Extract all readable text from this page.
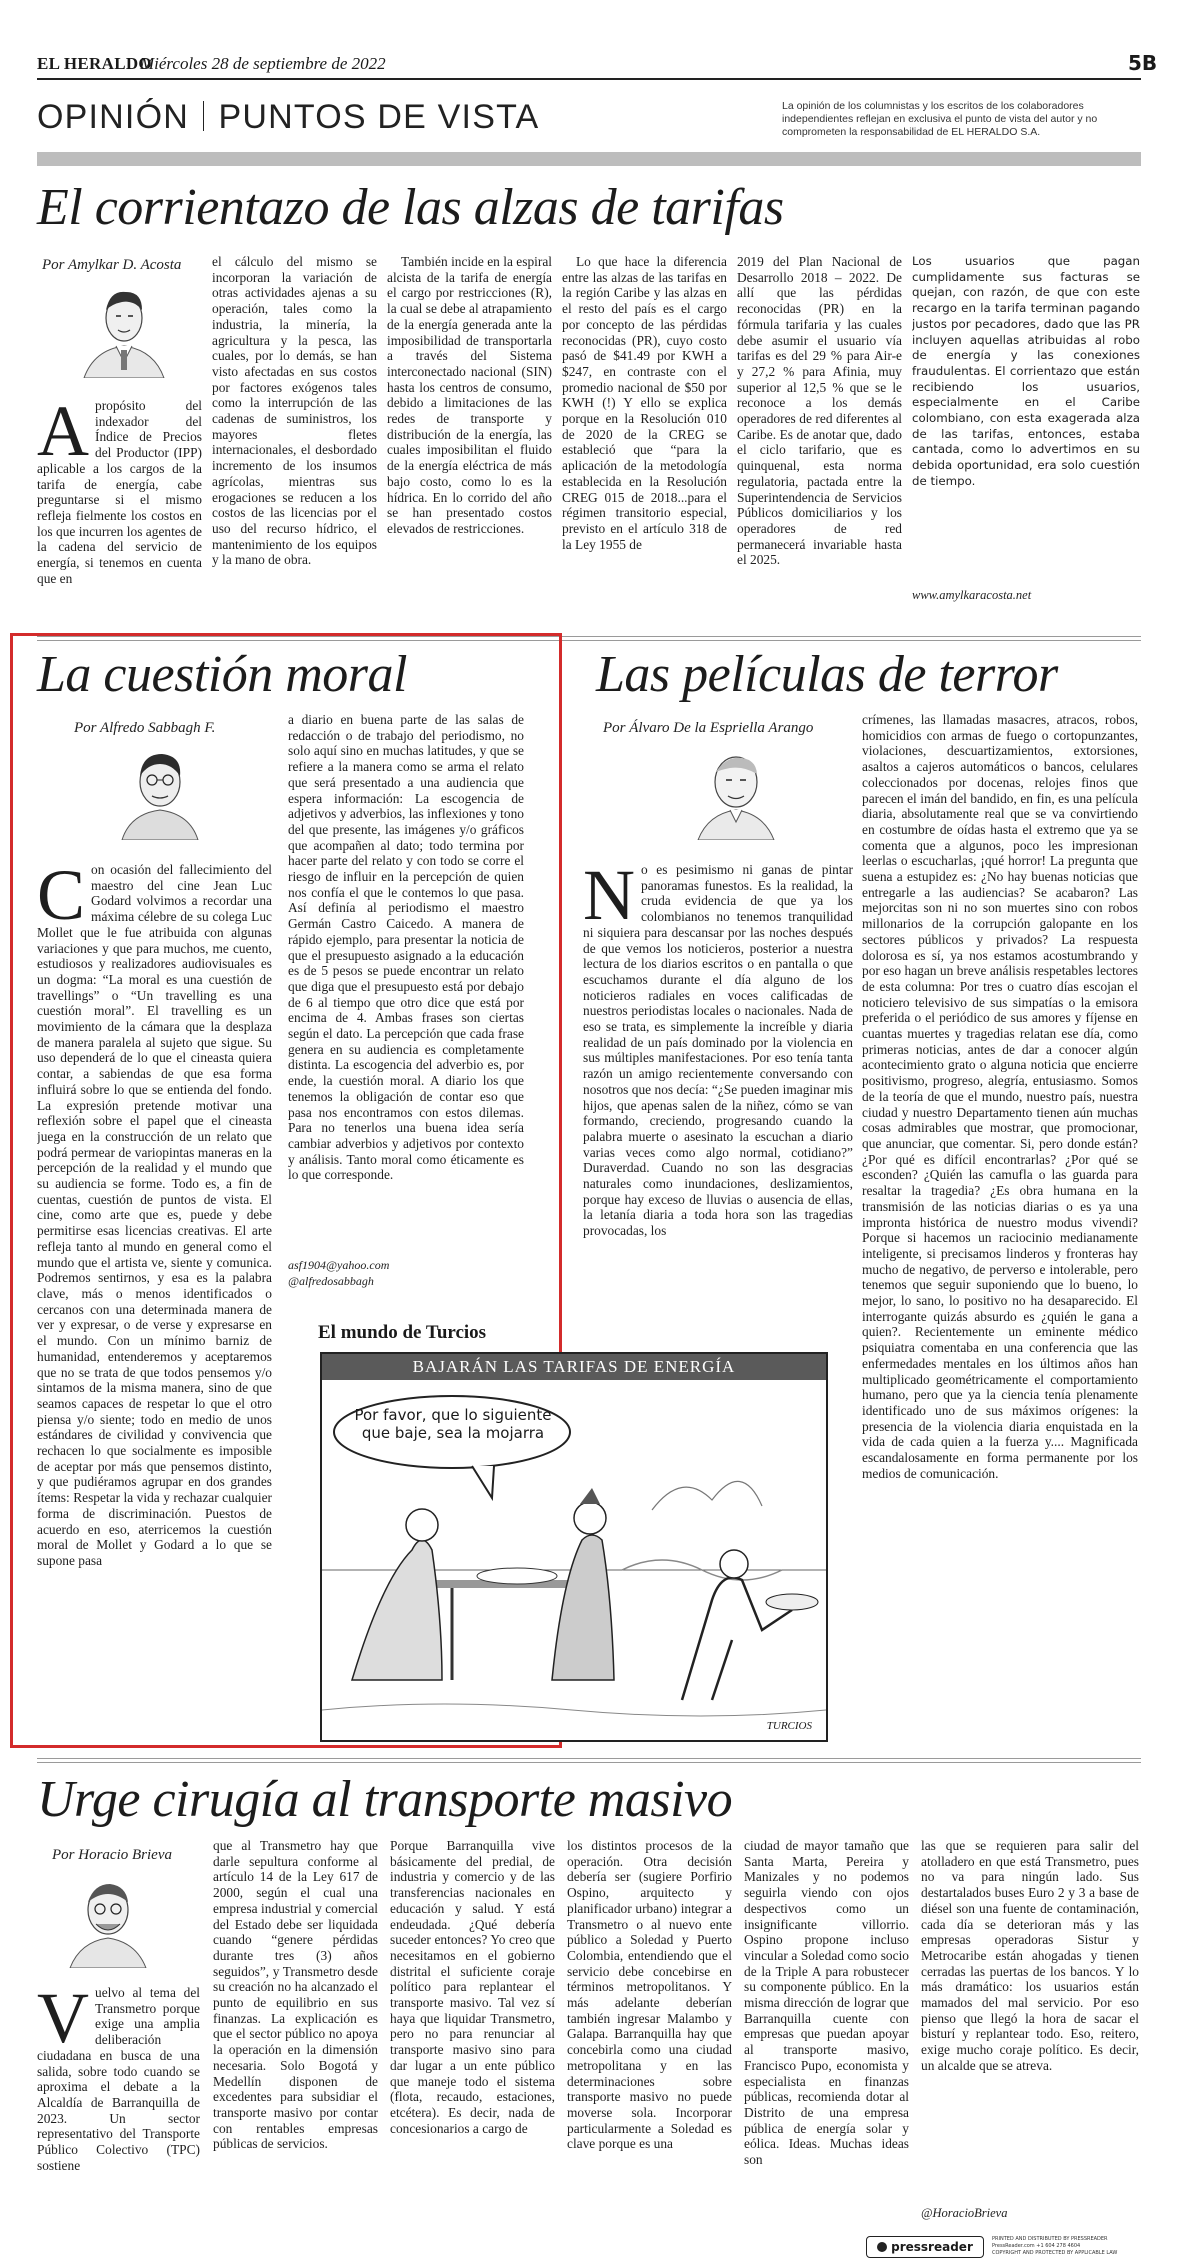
EL HERALDO
Miércoles 28 de septiembre de 2022	5B
OPINIÓN PUNTOS DE VISTA	La opinión de los columnistas y los escritos de los colaboradores independientes reflejan en exclusiva el punto de vista del autor y no comprometen la responsabilidad de EL HERALDO S.A.
El corrientazo de las alzas de tarifas
Por Amylkar D. Acosta
Apropósito del indexador del Índice de Precios del Productor (IPP) aplicable a los cargos de la tarifa de energía, cabe preguntarse si el mismo refleja fielmente los costos en los que incurren los agentes de la cadena del servicio de energía, si tenemos en cuenta que en
el cálculo del mismo se incorporan la variación de otras actividades ajenas a su operación, tales como la industria, la minería, la agricultura y la pesca, las cuales, por lo demás, se han visto afectadas en sus costos por factores exógenos tales como la interrupción de las cadenas de suministros, los mayores fletes internacionales, el desbordado incremento de los insumos agrícolas, mientras sus erogaciones se reducen a los costos de las licencias por el uso del recurso hídrico, el mantenimiento de los equipos y la mano de obra.
También incide en la espiral alcista de la tarifa de energía el cargo por restricciones (R), la cual se debe al atrapamiento de la energía generada ante la imposibilidad de transportarla a través del Sistema interconectado nacional (SIN) hasta los centros de consumo, debido a limitaciones de las redes de transporte y distribución de la energía, las cuales imposibilitan el fluido de la energía eléctrica de más bajo costo, como lo es la hídrica. En lo corrido del año se han presentado costos elevados de restricciones.
Lo que hace la diferencia entre las alzas de las tarifas en la región Caribe y las alzas en el resto del país es el cargo por concepto de las pérdidas reconocidas (PR), cuyo costo pasó de $41.49 por KWH a $247, en contraste con el promedio nacional de $50 por KWH (!) Y ello se explica porque en la Resolución 010 de 2020 de la CREG se estableció que “para la aplicación de la metodología establecida en la Resolución CREG 015 de 2018...para el régimen transitorio especial, previsto en el artículo 318 de la Ley 1955 de
2019 del Plan Nacional de Desarrollo 2018 – 2022. De allí que las pérdidas reconocidas (PR) en la fórmula tarifaria y las cuales debe asumir el usuario vía tarifas es del 29 % para Air-e y 27,2 % para Afinia, muy superior al 12,5 % que se le reconoce a los demás operadores de red diferentes al Caribe. Es de anotar que, dado el ciclo tarifario, que es quinquenal, esta norma regulatoria, pactada entre la Superintendencia de Servicios Públicos domiciliarios y los operadores de red permanecerá invariable hasta el 2025.
Los usuarios que pagan cumplidamente sus facturas se quejan, con razón, de que con este recargo en la tarifa terminan pagando justos por pecadores, dado que las PR incluyen aquellas atribuidas al robo de energía y las conexiones fraudulentas. El corrientazo que están recibiendo los usuarios, especialmente en el Caribe colombiano, con esta exagerada alza de las tarifas, entonces, estaba cantada, como lo advertimos en su debida oportunidad, era solo cuestión de tiempo.
www.amylkaracosta.net
La cuestión moral
Por Alfredo Sabbagh F.
Con ocasión del fallecimiento del maestro del cine Jean Luc Godard volvimos a recordar una máxima célebre de su colega Luc Mollet que le fue atribuida con algunas variaciones y que para muchos, me cuento, estudiosos y realizadores audiovisuales es un dogma: “La moral es una cuestión de travellings” o “Un travelling es una cuestión moral”. El travelling es un movimiento de la cámara que la desplaza de manera paralela al sujeto que sigue. Su uso dependerá de lo que el cineasta quiera contar, a sabiendas de que esa forma influirá sobre lo que se entienda del fondo. La expresión pretende motivar una reflexión sobre el papel que el cineasta juega en la construcción de un relato que podrá permear de variopintas maneras en la percepción de la realidad y el mundo que su audiencia se forme. Todo es, a fin de cuentas, cuestión de puntos de vista. El cine, como arte que es, puede y debe permitirse esas licencias creativas. El arte refleja tanto al mundo en general como el mundo que el artista ve, siente y comunica. Podremos sentirnos, y esa es la palabra clave, más o menos identificados o cercanos con una determinada manera de ver y expresar, o de verse y expresarse en el mundo. Con un mínimo barniz de humanidad, entenderemos y aceptaremos que no se trata de que todos pensemos y/o sintamos de la misma manera, sino de que seamos capaces de respetar lo que el otro piensa y/o siente; todo en medio de unos estándares de civilidad y convivencia que rechacen lo que socialmente es imposible de aceptar por más que pensemos distinto, y que pudiéramos agrupar en dos grandes ítems: Respetar la vida y rechazar cualquier forma de discriminación. Puestos de acuerdo en eso, aterricemos la cuestión moral de Mollet y Godard a lo que se supone pasa
a diario en buena parte de las salas de redacción o de trabajo del periodismo, no solo aquí sino en muchas latitudes, y que se refiere a la manera como se arma el relato que será presentado a una audiencia que espera información: La escogencia de adjetivos y adverbios, las inflexiones y tono del que presente, las imágenes y/o gráficos que acompañen al dato; todo termina por hacer parte del relato y con todo se corre el riesgo de influir en la percepción de quien nos confía el que le contemos lo que pasa. Así definía al periodismo el maestro Germán Castro Caicedo. A manera de rápido ejemplo, para presentar la noticia de que el presupuesto asignado a la educación es de 5 pesos se puede encontrar un relato que diga que el presupuesto está por debajo de 6 al tiempo que otro dice que está por encima de 4. Ambas frases son ciertas según el dato. La percepción que cada frase genera en su audiencia es completamente distinta. La escogencia del adverbio es, por ende, la cuestión moral. A diario los que tenemos la obligación de contar eso que pasa nos encontramos con estos dilemas. Para no tenerlos una buena idea sería cambiar adverbios y adjetivos por contexto y análisis. Tanto moral como éticamente es lo que corresponde.
asf1904@yahoo.com
@alfredosabbagh
Las películas de terror
Por Álvaro De la Espriella Arango
No es pesimismo ni ganas de pintar panoramas funestos. Es la realidad, la cruda evidencia de que ya los colombianos no tenemos tranquilidad ni siquiera para descansar por las noches después de que vemos los noticieros, posterior a nuestra lectura de los diarios escritos o en pantalla o que escuchamos durante el día alguno de los noticieros radiales en voces calificadas de nuestros periodistas locales o nacionales. Nada de eso se trata, es simplemente la increíble y diaria realidad de un país dominado por la violencia en sus múltiples manifestaciones. Por eso tenía tanta razón un amigo recientemente conversando con nosotros que nos decía: “¿Se pueden imaginar mis hijos, que apenas salen de la niñez, cómo se van formando, creciendo, progresando cuando la palabra muerte o asesinato la escuchan a diario varias veces como algo normal, cotidiano?” Duraverdad. Cuando no son las desgracias naturales como inundaciones, deslizamientos, porque hay exceso de lluvias o ausencia de ellas, la letanía diaria a toda hora son las tragedias provocadas, los
crímenes, las llamadas masacres, atracos, robos, homicidios con armas de fuego o cortopunzantes, violaciones, descuartizamientos, extorsiones, asaltos a cajeros automáticos o bancos, celulares coleccionados por docenas, relojes finos que parecen el imán del bandido, en fin, es una película diaria, absolutamente real que se va convirtiendo en costumbre de oídas hasta el extremo que ya se comenta que a algunos, poco les impresionan leerlas o escucharlas, ¡qué horror! La pregunta que suena a estupidez es: ¿No hay buenas noticias que entregarle a las audiencias? Se acabaron? Las mejorcitas son ni no son muertes sino con robos millonarios de la corrupción galopante en los sectores públicos y privados? La respuesta dolorosa es sí, ya nos estamos acostumbrando y por eso hagan un breve análisis respetables lectores de esta columna: Por tres o cuatro días escojan el noticiero televisivo de sus simpatías o la emisora preferida o el periódico de sus amores y fíjense en cuantas muertes y tragedias relatan ese día, como primeras noticias, antes de dar a conocer algún acontecimiento grato o alguna noticia que encierre positivismo, progreso, alegría, entusiasmo. Somos de la teoría de que el mundo, nuestro país, nuestra ciudad y nuestro Departamento tienen aún muchas cosas admirables que mostrar, que promocionar, que anunciar, que comentar. Si, pero donde están? ¿Por qué es difícil encontrarlas? ¿Por qué se esconden? ¿Quién las camufla o las guarda para resaltar la tragedia? ¿Es obra humana en la transmisión de las noticias diarias o es ya una impronta histórica de nuestro modus vivendi? Porque si hacemos un raciocinio medianamente inteligente, si precisamos linderos y fronteras hay mucho de negativo, de perverso e intolerable, pero tenemos que seguir suponiendo que lo bueno, lo mejor, lo sano, lo positivo no ha desaparecido. El interrogante quizás absurdo es ¿quién le gana a quien?. Recientemente un eminente médico psiquiatra comentaba en una conferencia que las enfermedades mentales en los últimos años han multiplicado geométricamente el comportamiento humano, pero que ya la ciencia tenía plenamente identificado uno de sus máximos orígenes: la presencia de la violencia diaria enquistada en la vida de cada quien a la fuerza y.... Magnificada escandalosamente en forma permanente por los medios de comunicación.
El mundo de Turcios
BAJARÁN LAS TARIFAS DE ENERGÍA
Por favor, que lo siguiente que baje, sea la mojarra
TURCIOS
Urge cirugía al transporte masivo
Por Horacio Brieva
Vuelvo al tema del Transmetro porque exige una amplia deliberación ciudadana en busca de una salida, sobre todo cuando se aproxima el debate a la Alcaldía de Barranquilla de 2023. Un sector representativo del Transporte Público Colectivo (TPC) sostiene
que al Transmetro hay que darle sepultura conforme al artículo 14 de la Ley 617 de 2000, según el cual una empresa industrial y comercial del Estado debe ser liquidada cuando “genere pérdidas durante tres (3) años seguidos”, y Transmetro desde su creación no ha alcanzado el punto de equilibrio en sus finanzas. La explicación es que el sector público no apoya la operación en la dimensión necesaria. Solo Bogotá y Medellín disponen de excedentes para subsidiar el transporte masivo por contar con rentables empresas públicas de servicios.
Porque Barranquilla vive básicamente del predial, de industria y comercio y de las transferencias nacionales en educación y salud. Y está endeudada. ¿Qué debería suceder entonces? Yo creo que necesitamos en el gobierno distrital el suficiente coraje político para replantear el transporte masivo. Tal vez sí haya que liquidar Transmetro, pero no para renunciar al transporte masivo sino para dar lugar a un ente público que maneje todo el sistema (flota, recaudo, estaciones, etcétera). Es decir, nada de concesionarios a cargo de
los distintos procesos de la operación. Otra decisión debería ser (sugiere Porfirio Ospino, arquitecto y planificador urbano) integrar a Transmetro o al nuevo ente público a Soledad y Puerto Colombia, entendiendo que el servicio debe concebirse en términos metropolitanos. Y más adelante deberían también ingresar Malambo y Galapa. Barranquilla hay que concebirla como una ciudad metropolitana y en las determinaciones sobre transporte masivo no puede moverse sola. Incorporar particularmente a Soledad es clave porque es una
ciudad de mayor tamaño que Santa Marta, Pereira y Manizales y no podemos seguirla viendo con ojos despectivos como un insignificante villorrio. Ospino propone incluso vincular a Soledad como socio de la Triple A para robustecer su componente público. En la misma dirección de lograr que Barranquilla cuente con empresas que puedan apoyar al transporte masivo, Francisco Pupo, economista y especialista en finanzas públicas, recomienda dotar al Distrito de una empresa pública de energía solar y eólica. Ideas. Muchas ideas son
las que se requieren para salir del atolladero en que está Transmetro, pues no va para ningún lado. Sus destartalados buses Euro 2 y 3 a base de diésel son una fuente de contaminación, cada día se deterioran más y las empresas operadoras Sistur y Metrocaribe están ahogadas y tienen cerradas las puertas de los bancos. Y lo más dramático: los usuarios están mamados del mal servicio. Por eso pienso que llegó la hora de sacar el bisturí y replantear todo. Eso, reitero, exige mucho coraje político. Es decir, un alcalde que se atreva.
@HoracioBrieva
pressreader
PRINTED AND DISTRIBUTED BY PRESSREADER
PressReader.com +1 604 278 4604
COPYRIGHT AND PROTECTED BY APPLICABLE LAW
